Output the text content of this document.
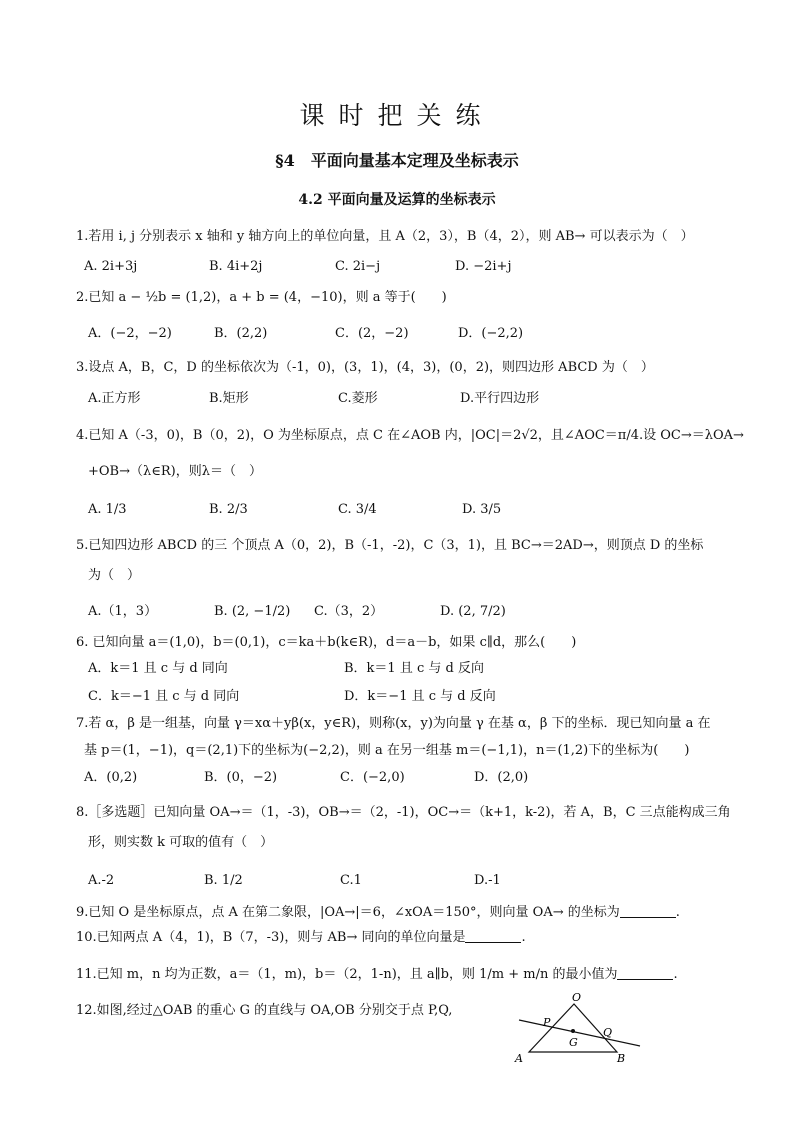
课时把关练
§4　平面向量基本定理及坐标表示
4.2 平面向量及运算的坐标表示
1.若用 i, j 分别表示 x 轴和 y 轴方向上的单位向量，且 A（2，3），B（4，2），则 AB→ 可以表示为（　）
A. 2i+3j	B. 4i+2j	C. 2i−j	D. −2i+j
2.已知 a − ½b = (1,2)，a + b = (4，−10)，则 a 等于(　　)
A．(−2，−2)	B．(2,2)	C．(2，−2)	D．(−2,2)
3.设点 A，B，C，D 的坐标依次为（-1，0)，(3，1)，(4，3)，(0，2)，则四边形 ABCD 为（　）
A.正方形	B.矩形	C.菱形	D.平行四边形
4.已知 A（-3，0)，B（0，2)，O 为坐标原点，点 C 在∠AOB 内，|OC|＝2√2，且∠AOC＝π/4.设 OC→＝λOA→
+OB→（λ∈R)，则λ＝（　）
A. 1/3	B. 2/3	C. 3/4	D. 3/5
5.已知四边形 ABCD 的三 个顶点 A（0，2)，B（-1，-2)，C（3，1)，且 BC→＝2AD→，则顶点 D 的坐标
为（　）
A.（1，3）	B. (2, −1/2) C.（3，2）	D. (2, 7/2)
6. 已知向量 a＝(1,0)，b＝(0,1)，c＝ka＋b(k∈R)，d＝a－b，如果 c∥d，那么(　　)
A．k＝1 且 c 与 d 同向	B．k＝1 且 c 与 d 反向
C．k＝−1 且 c 与 d 同向	D．k＝−1 且 c 与 d 反向
7.若 α，β 是一组基，向量 γ＝xα＋yβ(x，y∈R)，则称(x，y)为向量 γ 在基 α，β 下的坐标．现已知向量 a 在
基 p＝(1，−1)，q＝(2,1)下的坐标为(−2,2)，则 a 在另一组基 m＝(−1,1)，n＝(1,2)下的坐标为(　　)
A．(0,2)	B．(0，−2)	C．(−2,0)	D．(2,0)
8.［多选题］已知向量 OA→＝（1，-3)，OB→＝（2，-1)，OC→＝（k+1，k-2)，若 A，B，C 三点能构成三角
形，则实数 k 可取的值有（　）
A.-2	B. 1/2	C.1	D.-1
9.已知 O 是坐标原点，点 A 在第二象限，|OA→|＝6，∠xOA＝150°，则向量 OA→ 的坐标为	.
10.已知两点 A（4，1)，B（7，-3)，则与 AB→ 同向的单位向量是	.
11.已知 m，n 均为正数，a＝（1，m)，b＝（2，1-n)，且 a∥b，则 1/m + m/n 的最小值为	.
12.如图,经过△OAB 的重心 G 的直线与 OA,OB 分别交于点 P,Q,
O
P
Q
G
A	B
